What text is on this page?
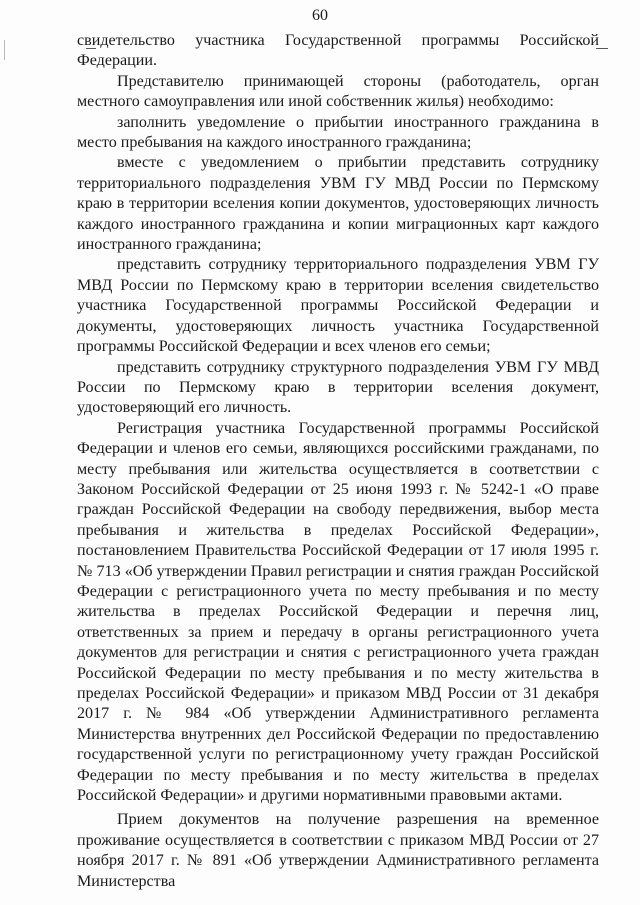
60

свидетельство участника Государственной программы Российской Федерации.

Представителю принимающей стороны (работодатель, орган местного самоуправления или иной собственник жилья) необходимо:

заполнить уведомление о прибытии иностранного гражданина в место пребывания на каждого иностранного гражданина;

вместе с уведомлением о прибытии представить сотруднику территориального подразделения УВМ ГУ МВД России по Пермскому краю в территории вселения копии документов, удостоверяющих личность каждого иностранного гражданина и копии миграционных карт каждого иностранного гражданина;

представить сотруднику территориального подразделения УВМ ГУ МВД России по Пермскому краю в территории вселения свидетельство участника Государственной программы Российской Федерации и документы, удостоверяющих личность участника Государственной программы Российской Федерации и всех членов его семьи;

представить сотруднику структурного подразделения УВМ ГУ МВД России по Пермскому краю в территории вселения документ, удостоверяющий его личность.

Регистрация участника Государственной программы Российской Федерации и членов его семьи, являющихся российскими гражданами, по месту пребывания или жительства осуществляется в соответствии с Законом Российской Федерации от 25 июня 1993 г. № 5242-1 «О праве граждан Российской Федерации на свободу передвижения, выбор места пребывания и жительства в пределах Российской Федерации», постановлением Правительства Российской Федерации от 17 июля 1995 г. № 713 «Об утверждении Правил регистрации и снятия граждан Российской Федерации с регистрационного учета по месту пребывания и по месту жительства в пределах Российской Федерации и перечня лиц, ответственных за прием и передачу в органы регистрационного учета документов для регистрации и снятия с регистрационного учета граждан Российской Федерации по месту пребывания и по месту жительства в пределах Российской Федерации» и приказом МВД России от 31 декабря 2017 г. № 984 «Об утверждении Административного регламента Министерства внутренних дел Российской Федерации по предоставлению государственной услуги по регистрационному учету граждан Российской Федерации по месту пребывания и по месту жительства в пределах Российской Федерации» и другими нормативными правовыми актами.

Прием документов на получение разрешения на временное проживание осуществляется в соответствии с приказом МВД России от 27 ноября 2017 г. № 891 «Об утверждении Административного регламента Министерства
